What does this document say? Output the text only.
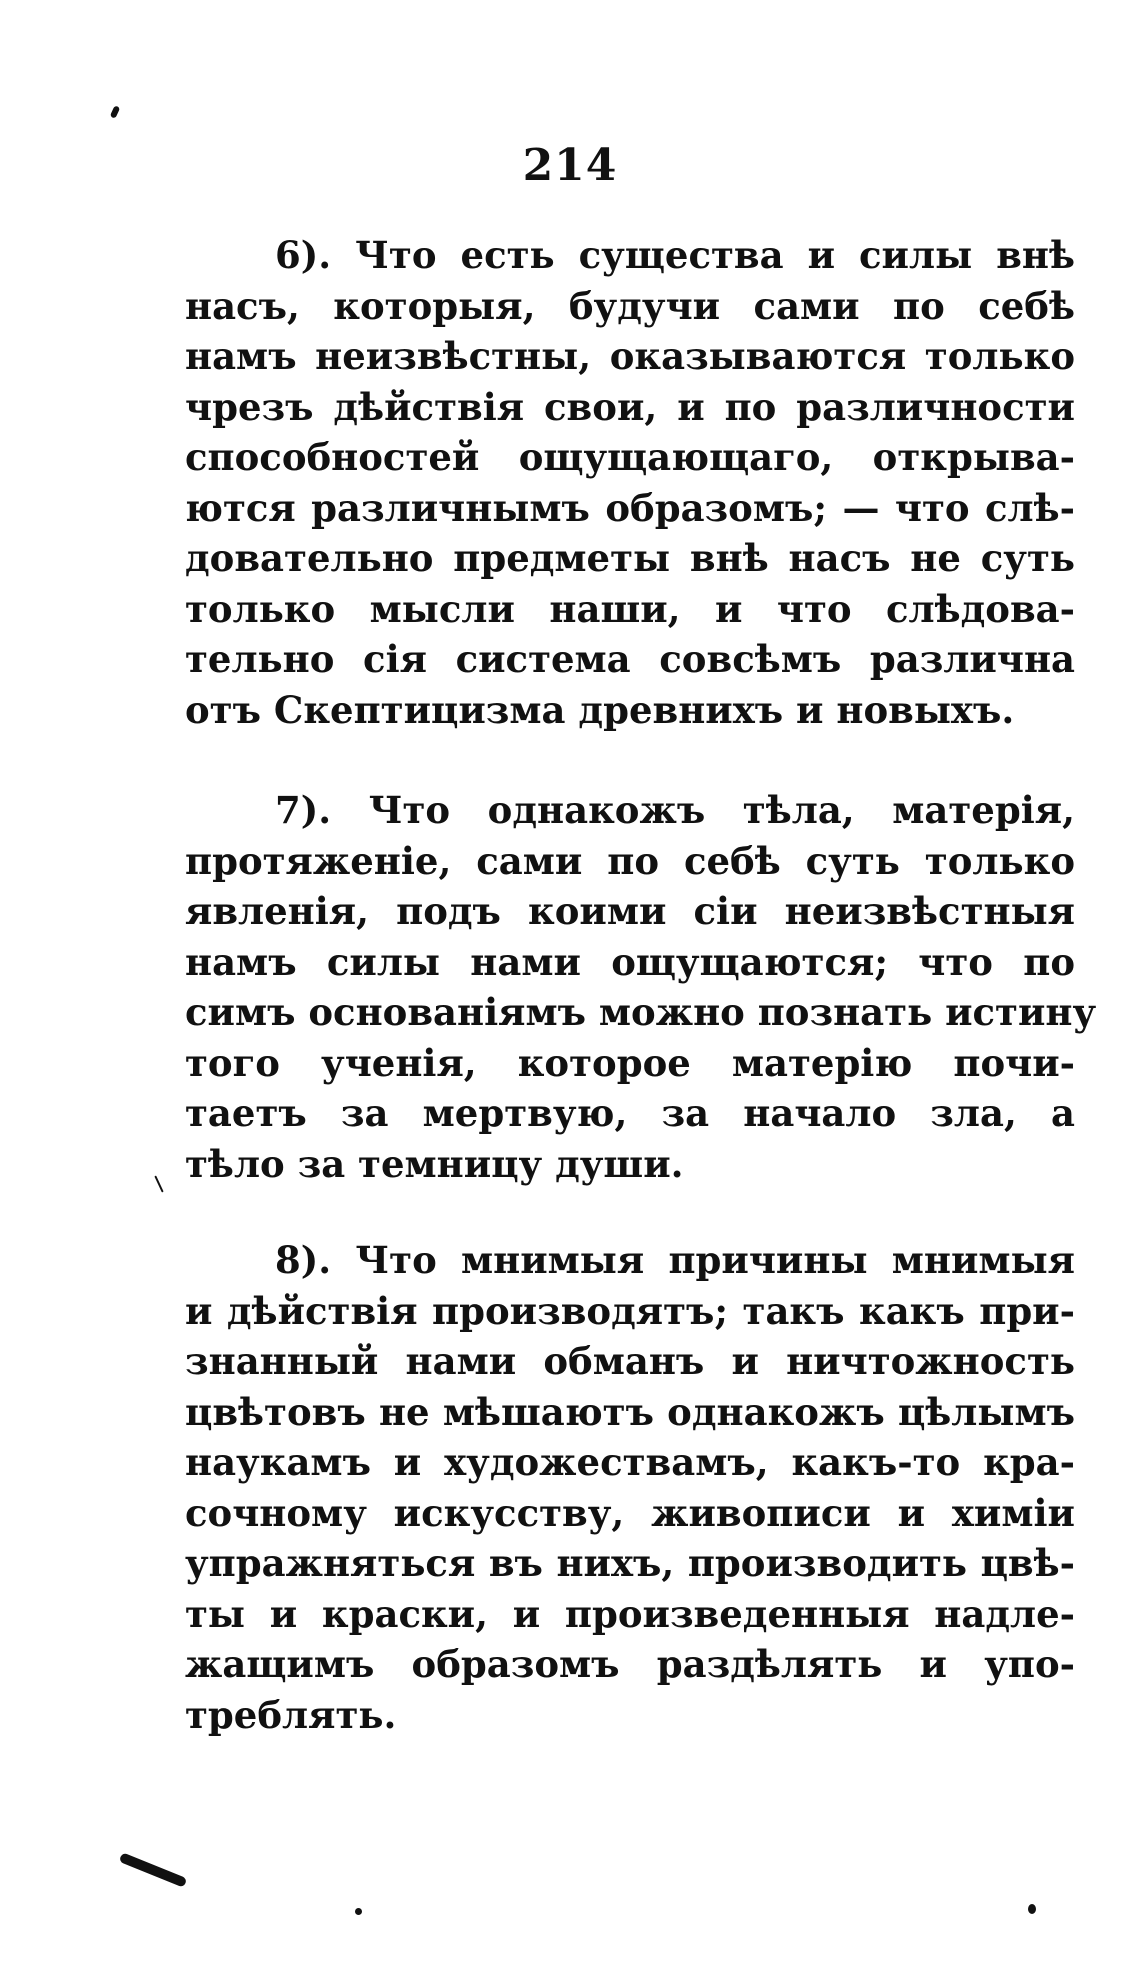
214
6). Что есть существа и силы внѣ
насъ, которыя, будучи сами по себѣ
намъ неизвѣстны, оказываются только
чрезъ дѣйствія свои, и по различности
способностей ощущающаго, открыва-
ются различнымъ образомъ; — что слѣ-
довательно предметы внѣ насъ не суть
только мысли наши, и что слѣдова-
тельно сія система совсѣмъ различна
отъ Скептицизма древнихъ и новыхъ.
7). Что однакожъ тѣла, матерія,
протяженіе, сами по себѣ суть только
явленія, подъ коими сіи неизвѣстныя
намъ силы нами ощущаются; что по
симъ основаніямъ можно познать истину
того ученія, которое матерію почи-
таетъ за мертвую, за начало зла, а
тѣло за темницу души.
8). Что мнимыя причины мнимыя
и дѣйствія производятъ; такъ какъ при-
знанный нами обманъ и ничтожность
цвѣтовъ не мѣшаютъ однакожъ цѣлымъ
наукамъ и художествамъ, какъ-то кра-
сочному искусству, живописи и химіи
упражняться въ нихъ, производить цвѣ-
ты и краски, и произведенныя надле-
жащимъ образомъ раздѣлять и упо-
треблять.
